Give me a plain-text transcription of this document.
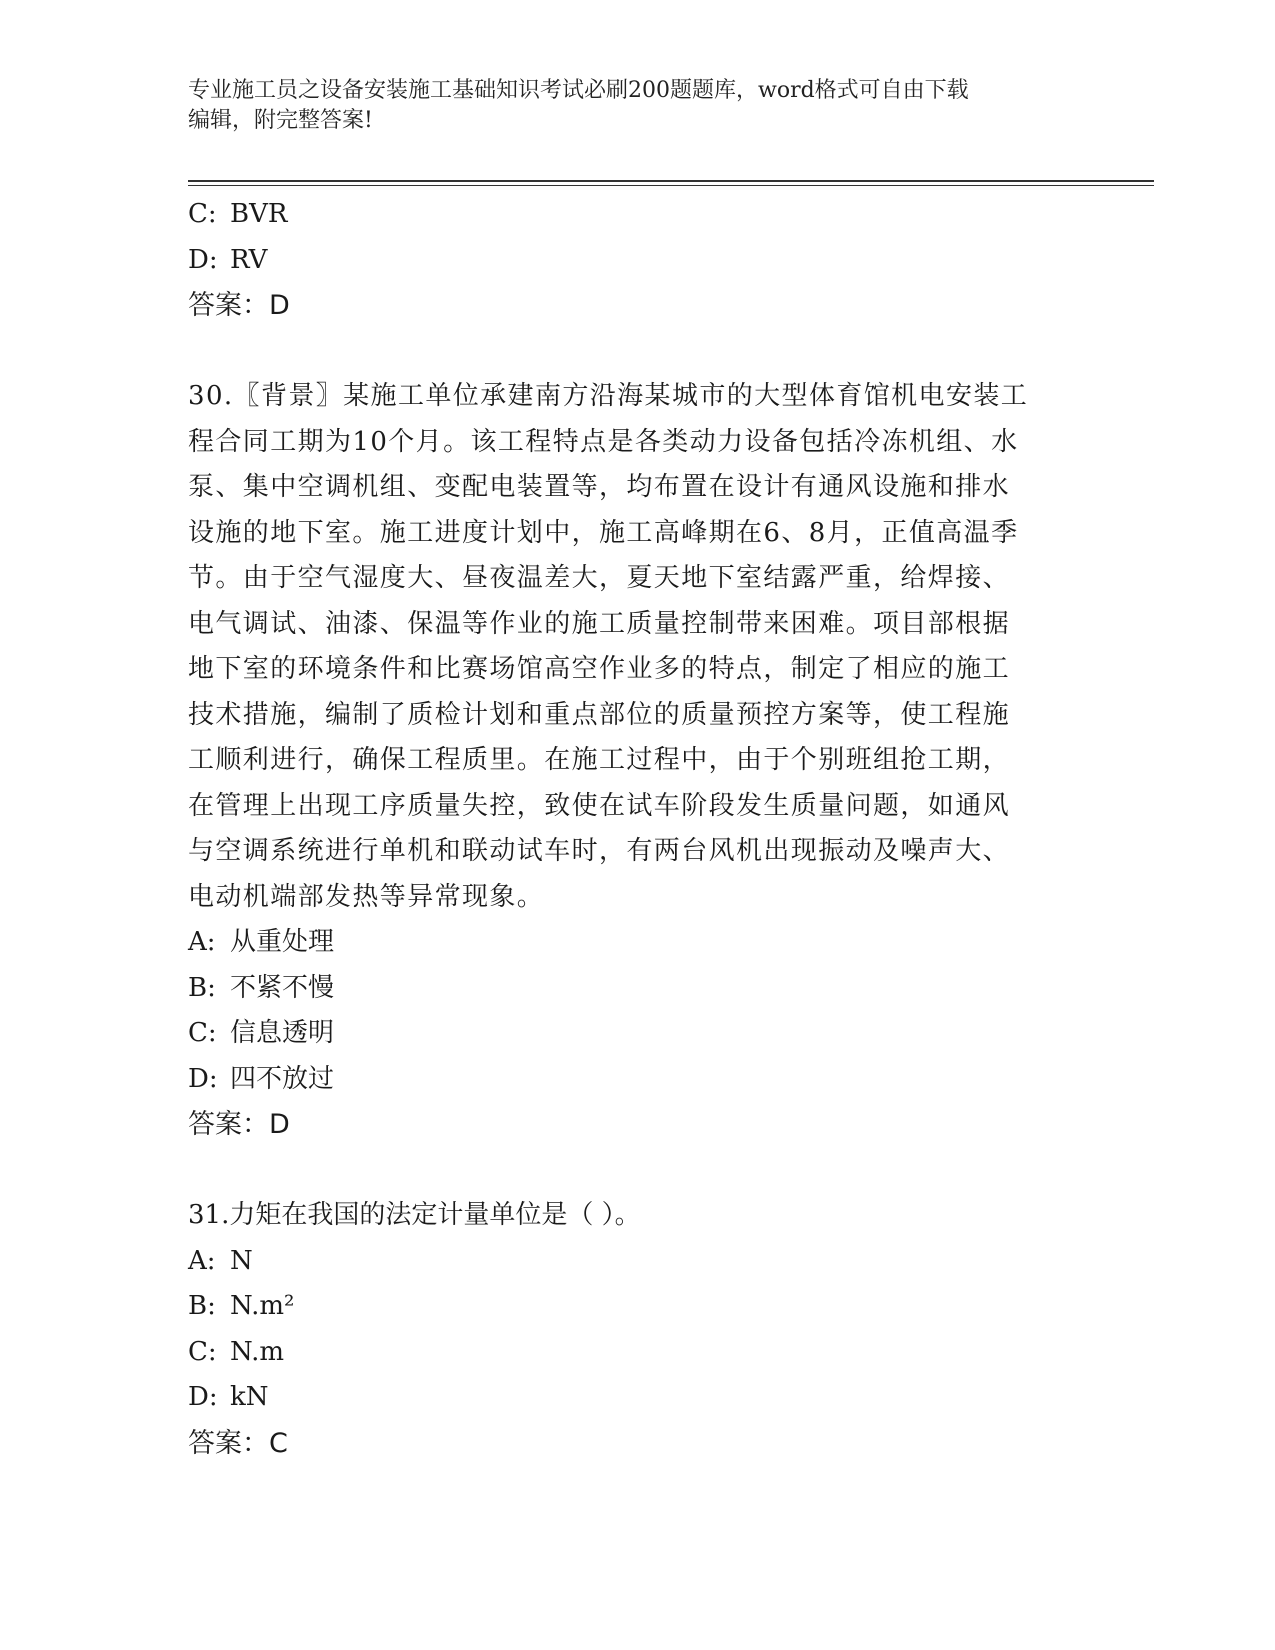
专业施工员之设备安装施工基础知识考试必刷200题题库，word格式可自由下载
编辑，附完整答案!
C: BVR
D: RV
答案：D
30.〖背景〗某施工单位承建南方沿海某城市的大型体育馆机电安装工
程合同工期为10个月。该工程特点是各类动力设备包括冷冻机组、水
泵、集中空调机组、变配电装置等，均布置在设计有通风设施和排水
设施的地下室。施工进度计划中，施工高峰期在6、8月，正值高温季
节。由于空气湿度大、昼夜温差大，夏天地下室结露严重，给焊接、
电气调试、油漆、保温等作业的施工质量控制带来困难。项目部根据
地下室的环境条件和比赛场馆高空作业多的特点，制定了相应的施工
技术措施，编制了质检计划和重点部位的质量预控方案等，使工程施
工顺利进行，确保工程质里。在施工过程中，由于个别班组抢工期，
在管理上出现工序质量失控，致使在试车阶段发生质量问题，如通风
与空调系统进行单机和联动试车时，有两台风机出现振动及噪声大、
电动机端部发热等异常现象。
A: 从重处理
B: 不紧不慢
C: 信息透明
D: 四不放过
答案：D
31.力矩在我国的法定计量单位是（ ）。
A: N
B: N.m²
C: N.m
D: kN
答案：C
